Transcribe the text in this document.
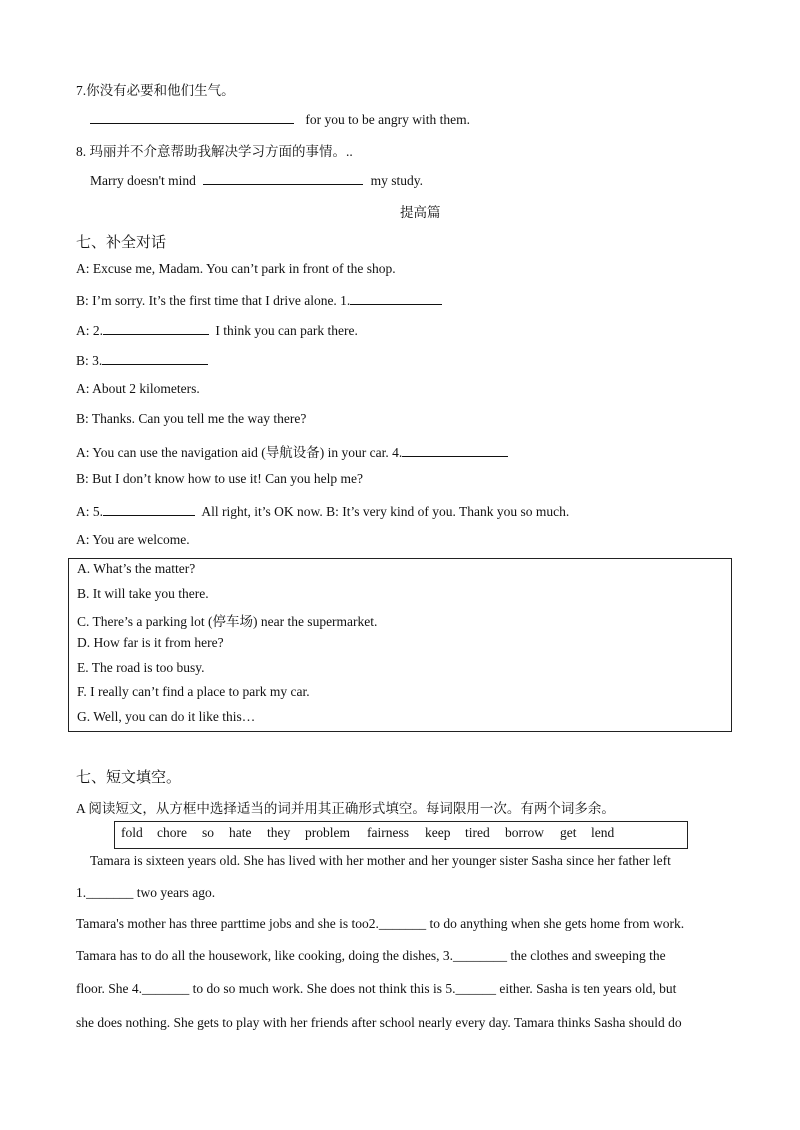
7.你没有必要和他们生气。
for you to be angry with them.
8. 玛丽并不介意帮助我解决学习方面的事情。..
Marry doesn't mind	my study.
提高篇
七、补全对话
A: Excuse me, Madam. You can’t park in front of the shop.
B: I’m sorry. It’s the first time that I drive alone. 1.
A: 2.	I think you can park there.
B: 3.
A: About 2 kilometers.
B: Thanks. Can you tell me the way there?
A: You can use the navigation aid (导航设备) in your car. 4.
B: But I don’t know how to use it! Can you help me?
A: 5.	All right, it’s OK now. B: It’s very kind of you. Thank you so much.
A: You are welcome.
A. What’s the matter?
B. It will take you there.
C. There’s a parking lot (停车场) near the supermarket.
D. How far is it from here?
E. The road is too busy.
F. I really can’t find a place to park my car.
G. Well, you can do it like this…
七、短文填空。
A 阅读短文，从方框中选择适当的词并用其正确形式填空。每词限用一次。有两个词多余。
fold chore so hate they problem fairness keep tired borrow get lend
Tamara is sixteen years old. She has lived with her mother and her younger sister Sasha since her father left
1._______ two years ago.
Tamara's mother has three parttime jobs and she is too2._______ to do anything when she gets home from work.
Tamara has to do all the housework, like cooking, doing the dishes, 3.________ the clothes and sweeping the
floor. She 4._______ to do so much work. She does not think this is 5.______ either. Sasha is ten years old, but
she does nothing. She gets to play with her friends after school nearly every day. Tamara thinks Sasha should do
